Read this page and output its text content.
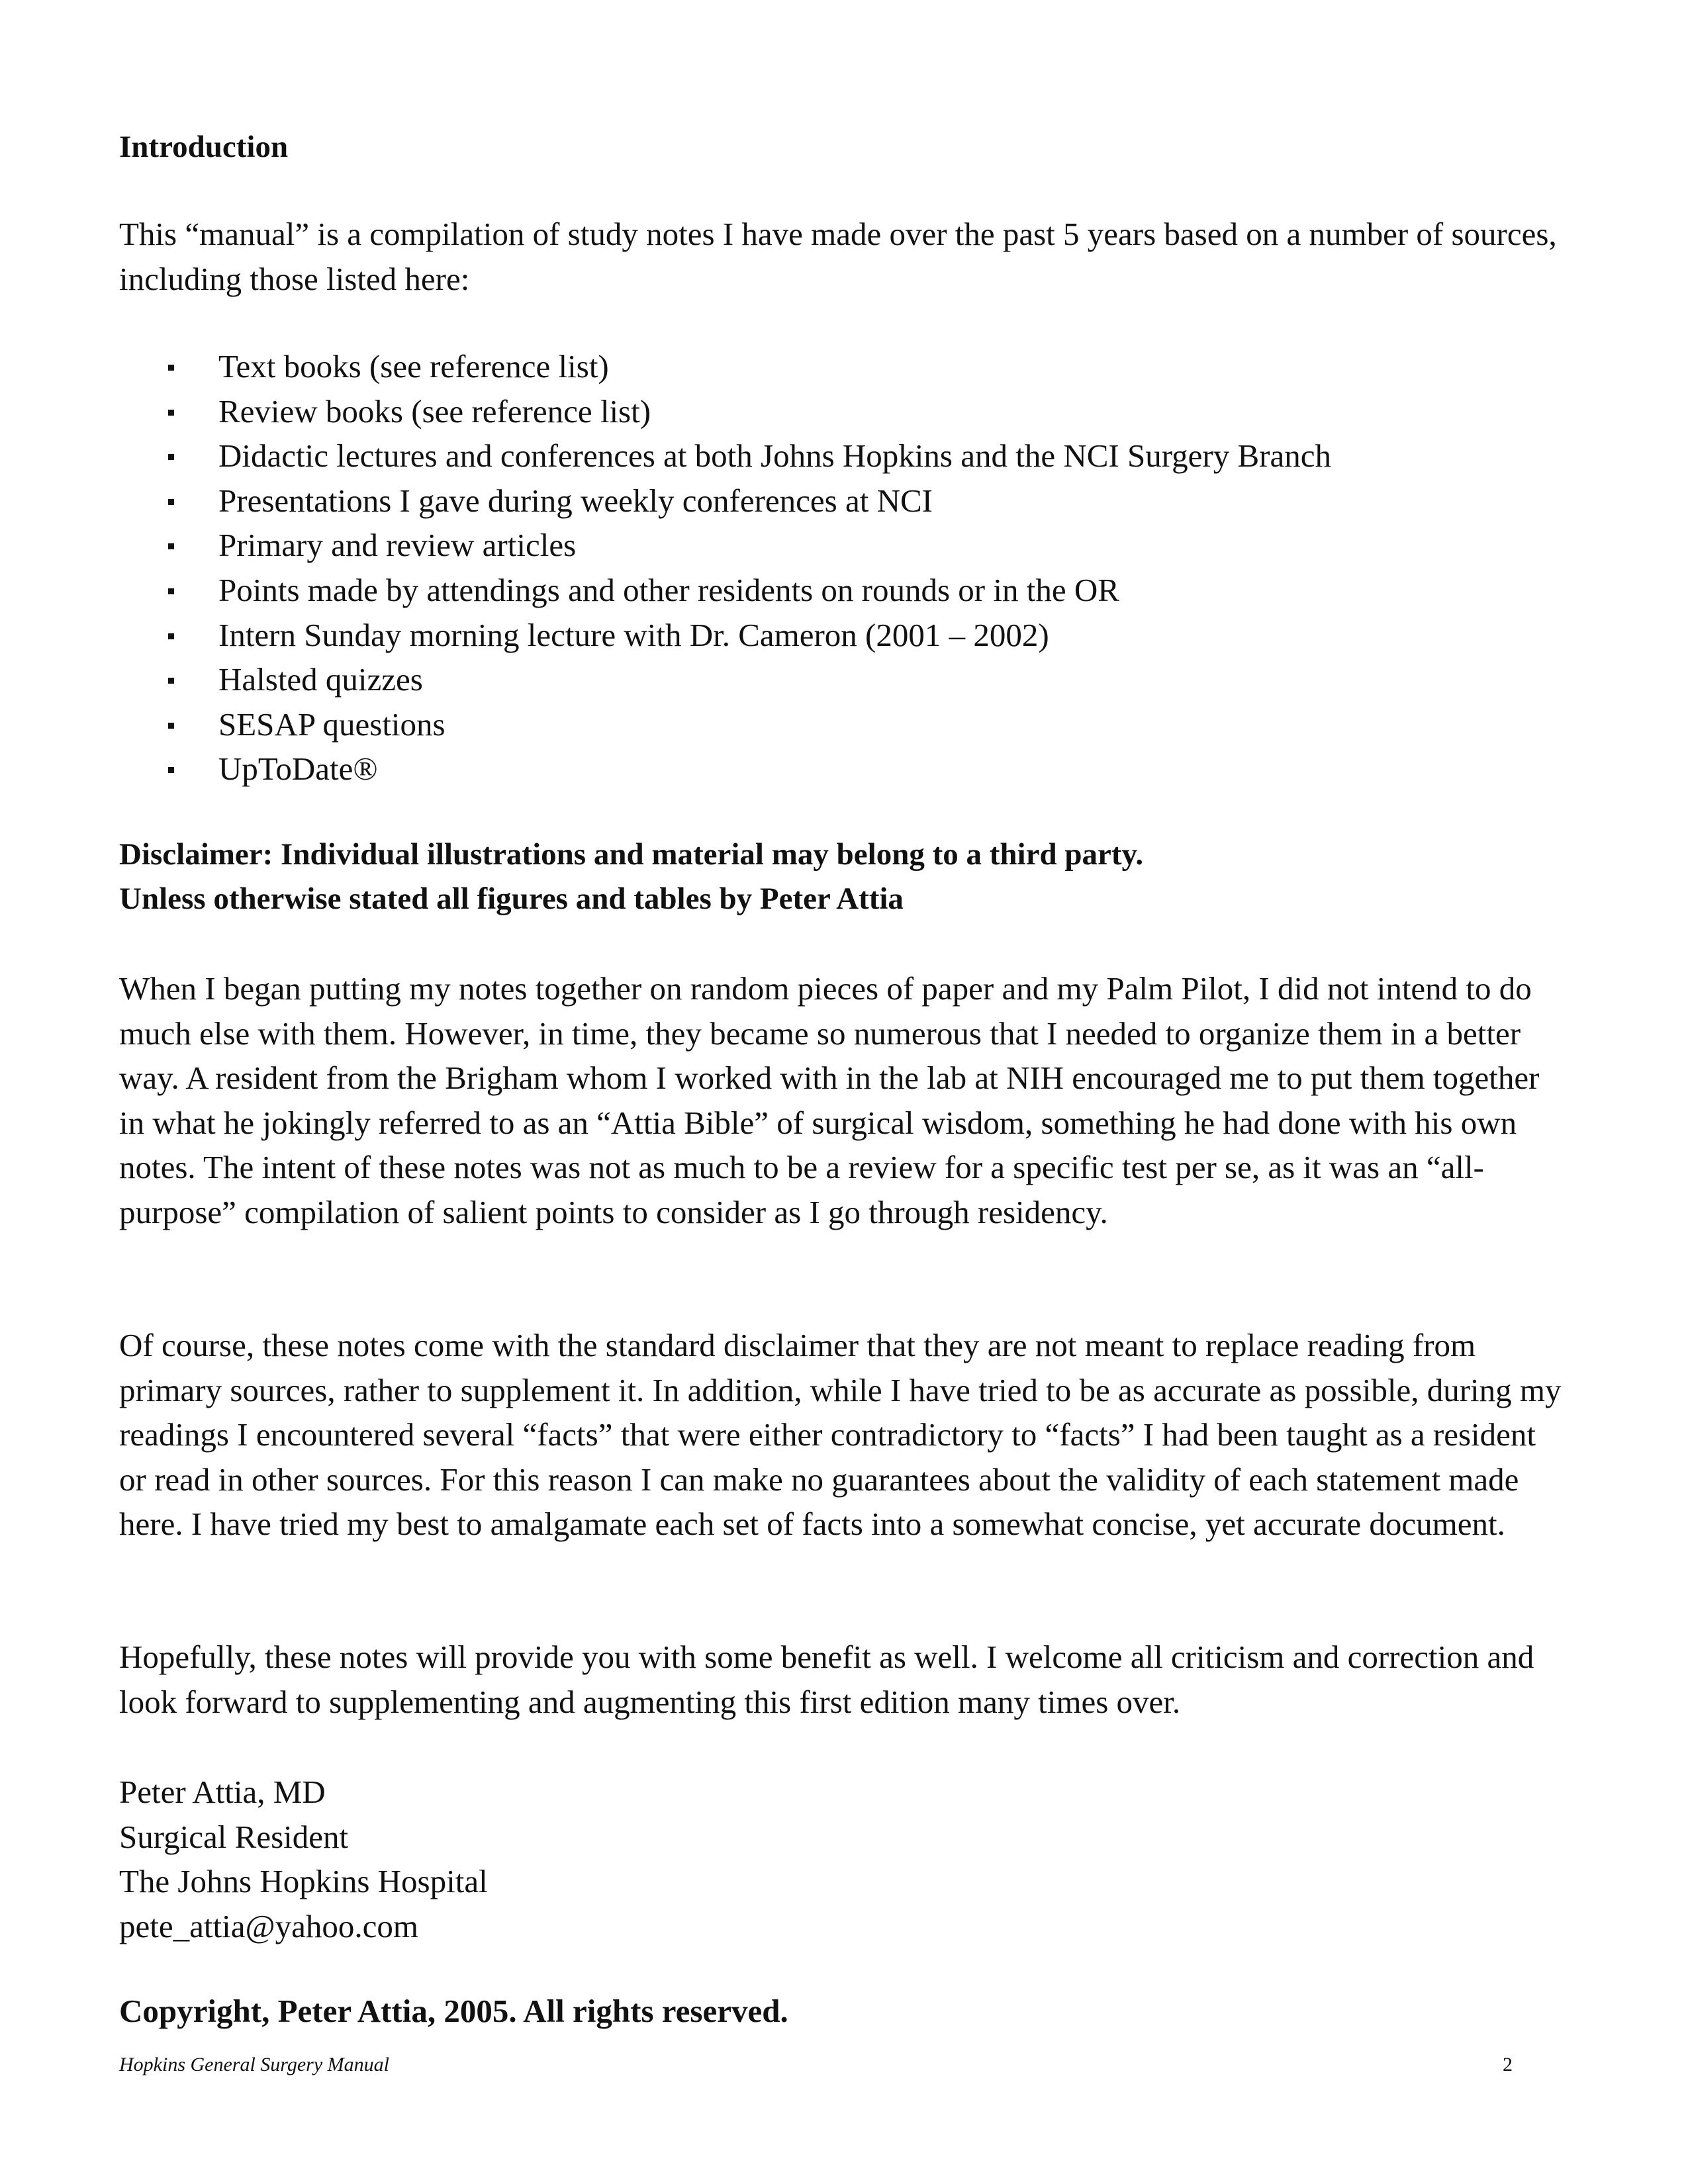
Introduction

This “manual” is a compilation of study notes I have made over the past 5 years based on a number of sources, including those listed here:

Text books (see reference list)
Review books (see reference list)
Didactic lectures and conferences at both Johns Hopkins and the NCI Surgery Branch
Presentations I gave during weekly conferences at NCI
Primary and review articles
Points made by attendings and other residents on rounds or in the OR
Intern Sunday morning lecture with Dr. Cameron (2001 – 2002)
Halsted quizzes
SESAP questions
UpToDate®

Disclaimer: Individual illustrations and material may belong to a third party.
Unless otherwise stated all figures and tables by Peter Attia

When I began putting my notes together on random pieces of paper and my Palm Pilot, I did not intend to do much else with them. However, in time, they became so numerous that I needed to organize them in a better way. A resident from the Brigham whom I worked with in the lab at NIH encouraged me to put them together in what he jokingly referred to as an “Attia Bible” of surgical wisdom, something he had done with his own notes. The intent of these notes was not as much to be a review for a specific test per se, as it was an “all-purpose” compilation of salient points to consider as I go through residency.

Of course, these notes come with the standard disclaimer that they are not meant to replace reading from primary sources, rather to supplement it. In addition, while I have tried to be as accurate as possible, during my readings I encountered several “facts” that were either contradictory to “facts” I had been taught as a resident or read in other sources. For this reason I can make no guarantees about the validity of each statement made here. I have tried my best to amalgamate each set of facts into a somewhat concise, yet accurate document.

Hopefully, these notes will provide you with some benefit as well. I welcome all criticism and correction and look forward to supplementing and augmenting this first edition many times over.

Peter Attia, MD
Surgical Resident
The Johns Hopkins Hospital
pete_attia@yahoo.com

Copyright, Peter Attia, 2005. All rights reserved.

Hopkins General Surgery Manual	2
